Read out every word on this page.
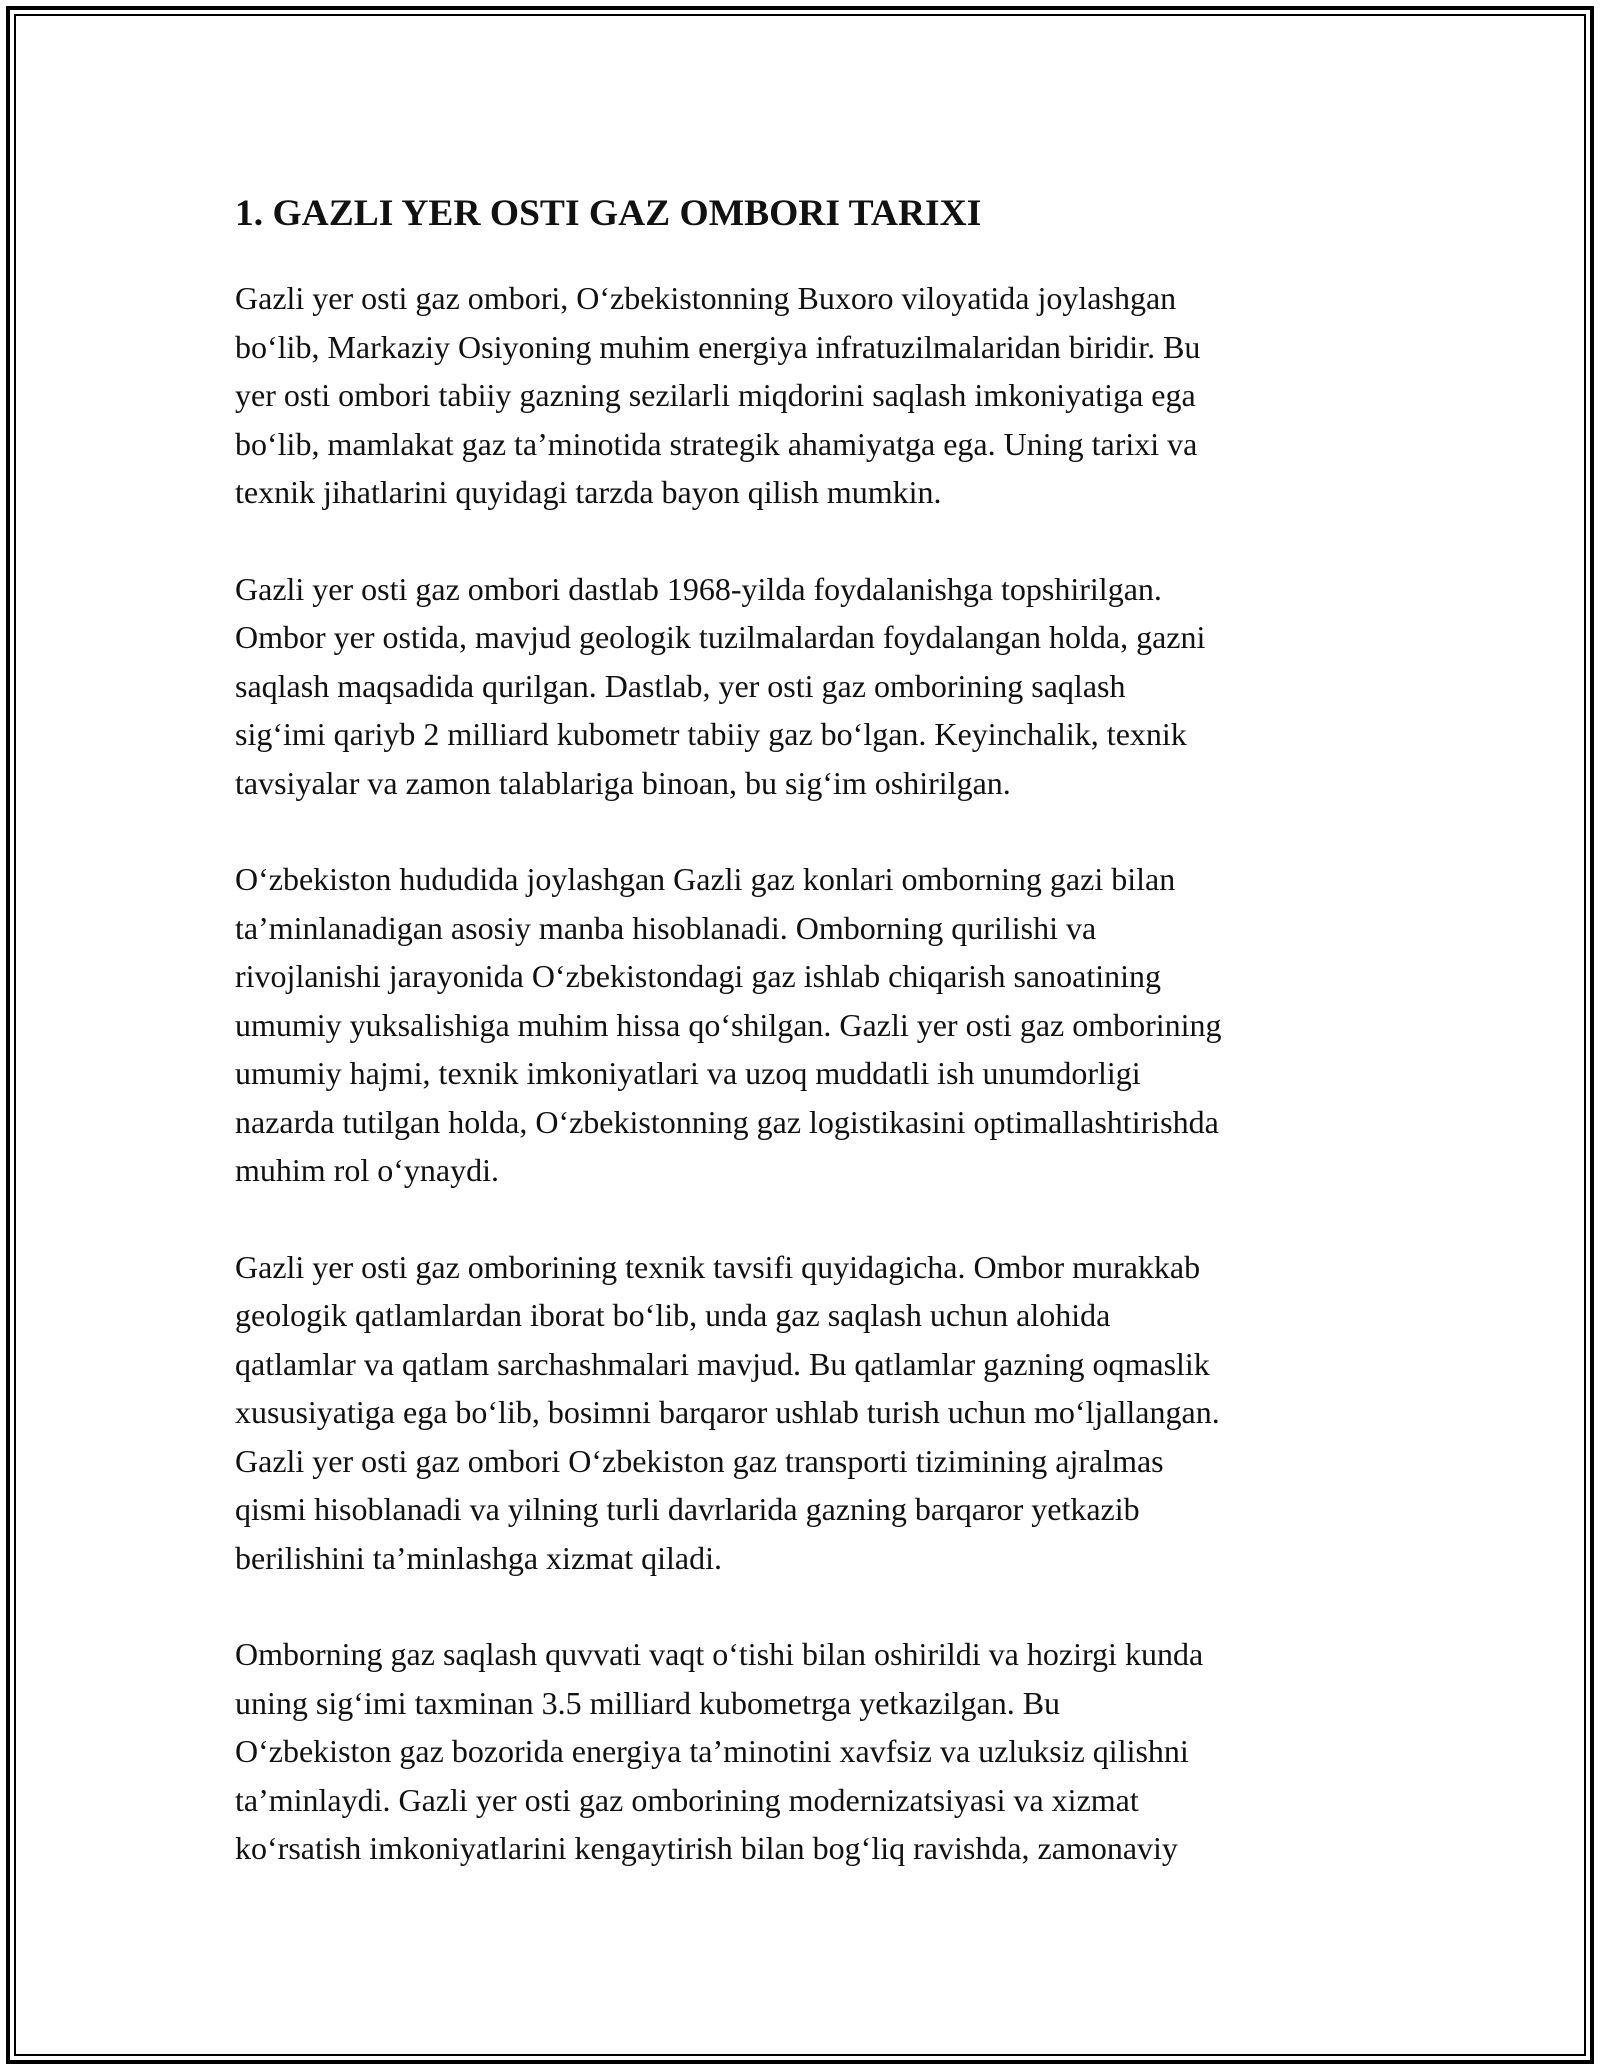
1. GAZLI YER OSTI GAZ OMBORI TARIXI

Gazli yer osti gaz ombori, O‘zbekistonning Buxoro viloyatida joylashgan
bo‘lib, Markaziy Osiyoning muhim energiya infratuzilmalaridan biridir. Bu
yer osti ombori tabiiy gazning sezilarli miqdorini saqlash imkoniyatiga ega
bo‘lib, mamlakat gaz ta’minotida strategik ahamiyatga ega. Uning tarixi va
texnik jihatlarini quyidagi tarzda bayon qilish mumkin.

Gazli yer osti gaz ombori dastlab 1968-yilda foydalanishga topshirilgan.
Ombor yer ostida, mavjud geologik tuzilmalardan foydalangan holda, gazni
saqlash maqsadida qurilgan. Dastlab, yer osti gaz omborining saqlash
sig‘imi qariyb 2 milliard kubometr tabiiy gaz bo‘lgan. Keyinchalik, texnik
tavsiyalar va zamon talablariga binoan, bu sig‘im oshirilgan.

O‘zbekiston hududida joylashgan Gazli gaz konlari omborning gazi bilan
ta’minlanadigan asosiy manba hisoblanadi. Omborning qurilishi va
rivojlanishi jarayonida O‘zbekistondagi gaz ishlab chiqarish sanoatining
umumiy yuksalishiga muhim hissa qo‘shilgan. Gazli yer osti gaz omborining
umumiy hajmi, texnik imkoniyatlari va uzoq muddatli ish unumdorligi
nazarda tutilgan holda, O‘zbekistonning gaz logistikasini optimallashtirishda
muhim rol o‘ynaydi.

Gazli yer osti gaz omborining texnik tavsifi quyidagicha. Ombor murakkab
geologik qatlamlardan iborat bo‘lib, unda gaz saqlash uchun alohida
qatlamlar va qatlam sarchashmalari mavjud. Bu qatlamlar gazning oqmaslik
xususiyatiga ega bo‘lib, bosimni barqaror ushlab turish uchun mo‘ljallangan.
Gazli yer osti gaz ombori O‘zbekiston gaz transporti tizimining ajralmas
qismi hisoblanadi va yilning turli davrlarida gazning barqaror yetkazib
berilishini ta’minlashga xizmat qiladi.

Omborning gaz saqlash quvvati vaqt o‘tishi bilan oshirildi va hozirgi kunda
uning sig‘imi taxminan 3.5 milliard kubometrga yetkazilgan. Bu
O‘zbekiston gaz bozorida energiya ta’minotini xavfsiz va uzluksiz qilishni
ta’minlaydi. Gazli yer osti gaz omborining modernizatsiyasi va xizmat
ko‘rsatish imkoniyatlarini kengaytirish bilan bog‘liq ravishda, zamonaviy
